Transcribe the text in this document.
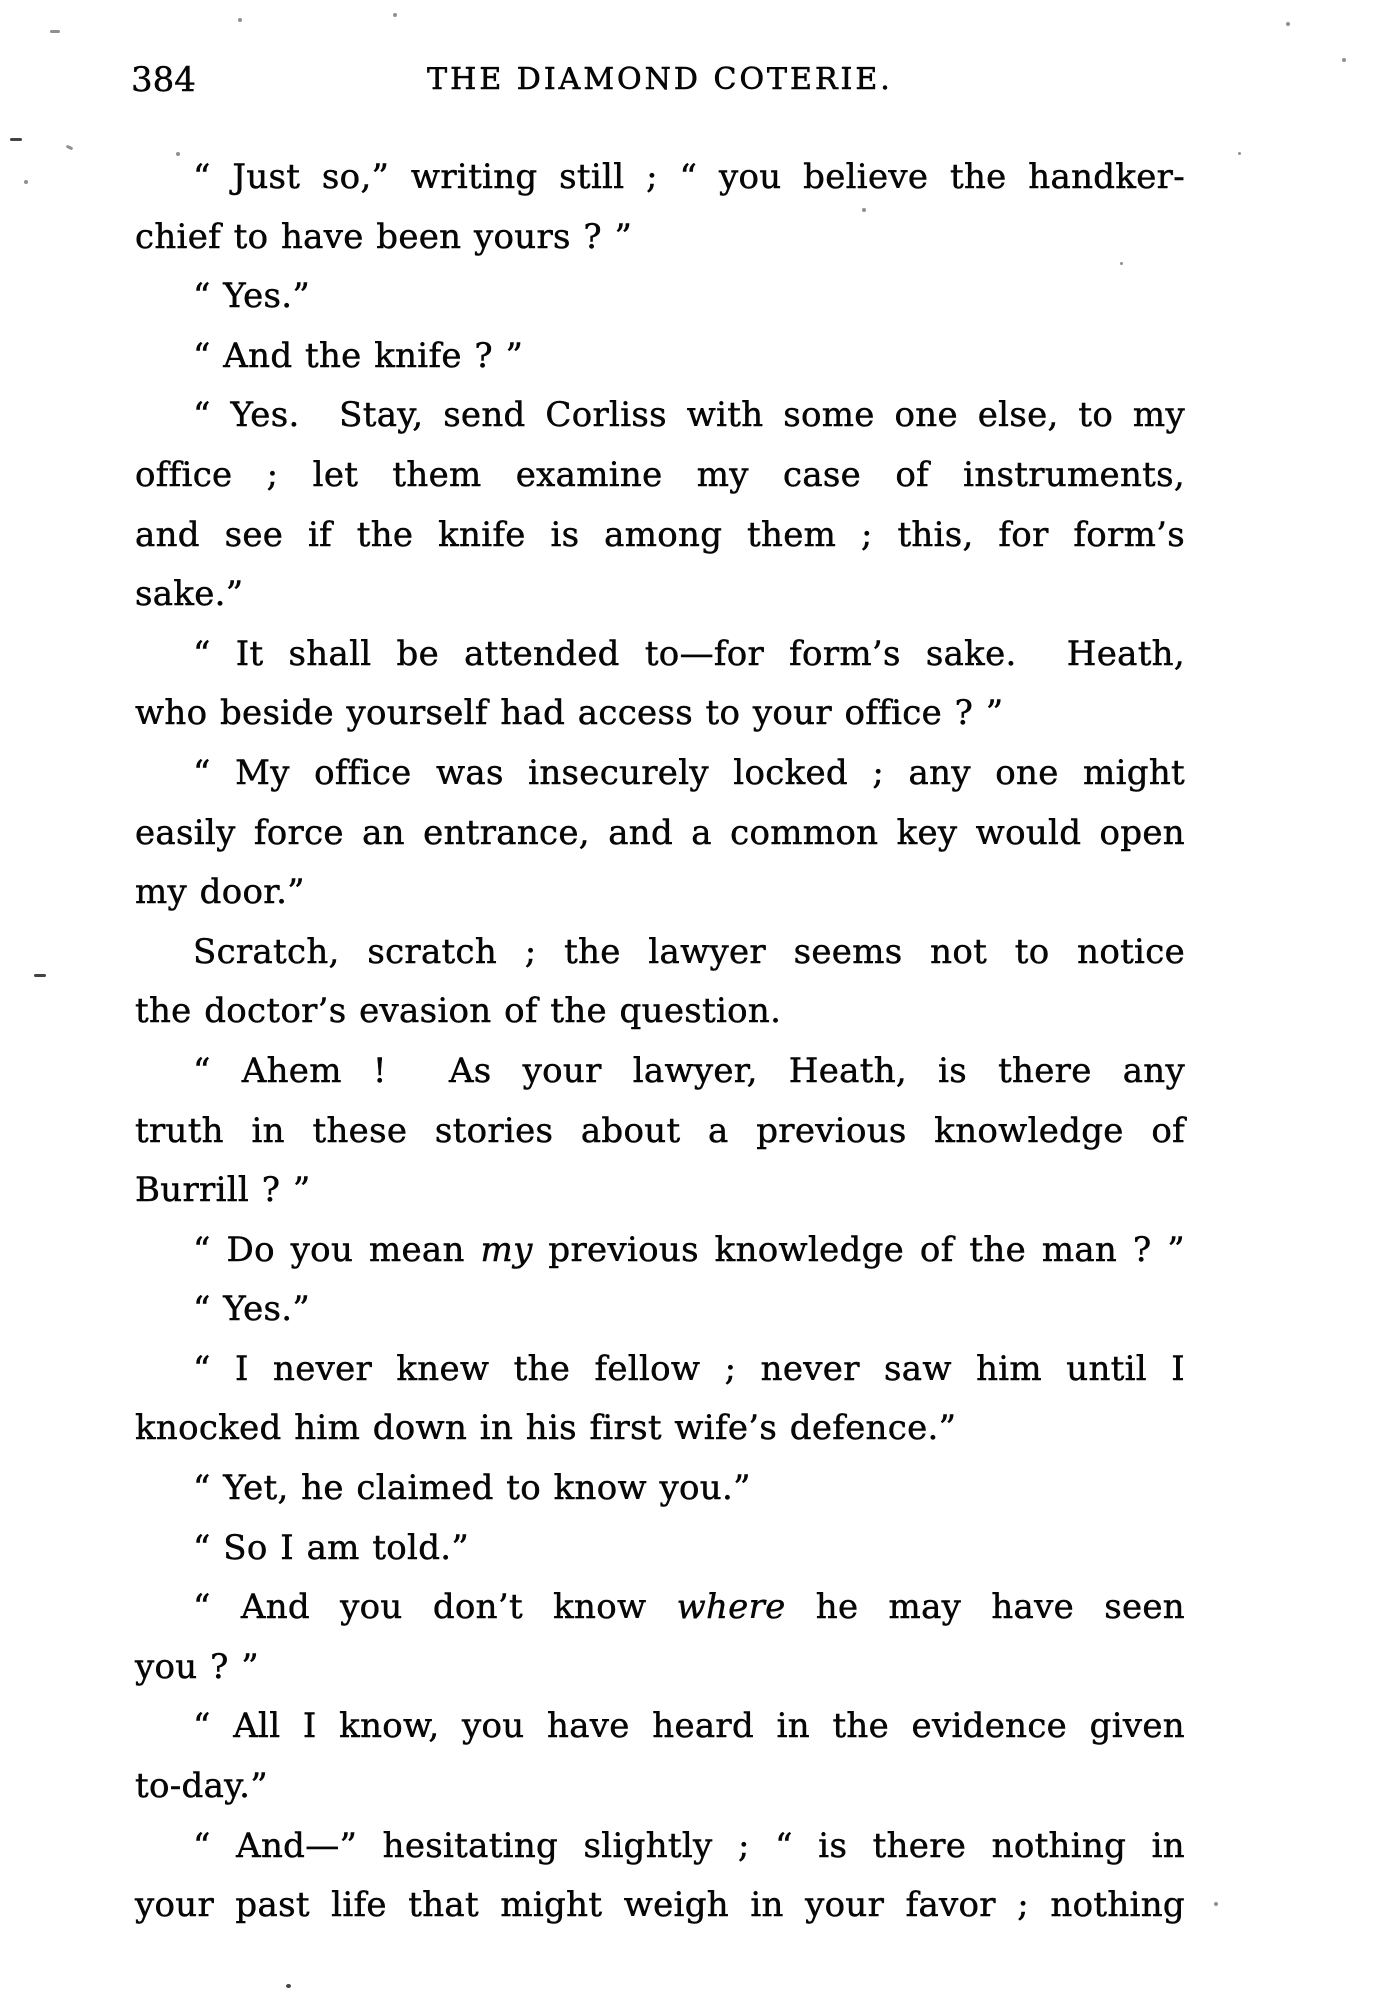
384	THE DIAMOND COTERIE.
“ Just so,” writing still ; “ you believe the handker-
chief to have been yours ? ”
“ Yes.”
“ And the knife ? ”
“ Yes.  Stay, send Corliss with some one else, to my
office ; let them examine my case of instruments,
and see if the knife is among them ; this, for form’s
sake.”
“ It shall be attended to—for form’s sake.  Heath,
who beside yourself had access to your office ? ”
“ My office was insecurely locked ; any one might
easily force an entrance, and a common key would open
my door.”
Scratch, scratch ; the lawyer seems not to notice
the doctor’s evasion of the question.
“ Ahem !  As your lawyer, Heath, is there any
truth in these stories about a previous knowledge of
Burrill ? ”
“ Do you mean my previous knowledge of the man ? ”
“ Yes.”
“ I never knew the fellow ; never saw him until I
knocked him down in his first wife’s defence.”
“ Yet, he claimed to know you.”
“ So I am told.”
“ And you don’t know where he may have seen
you ? ”
“ All I know, you have heard in the evidence given
to-day.”
“ And—” hesitating slightly ; “ is there nothing in
your past life that might weigh in your favor ; nothing
